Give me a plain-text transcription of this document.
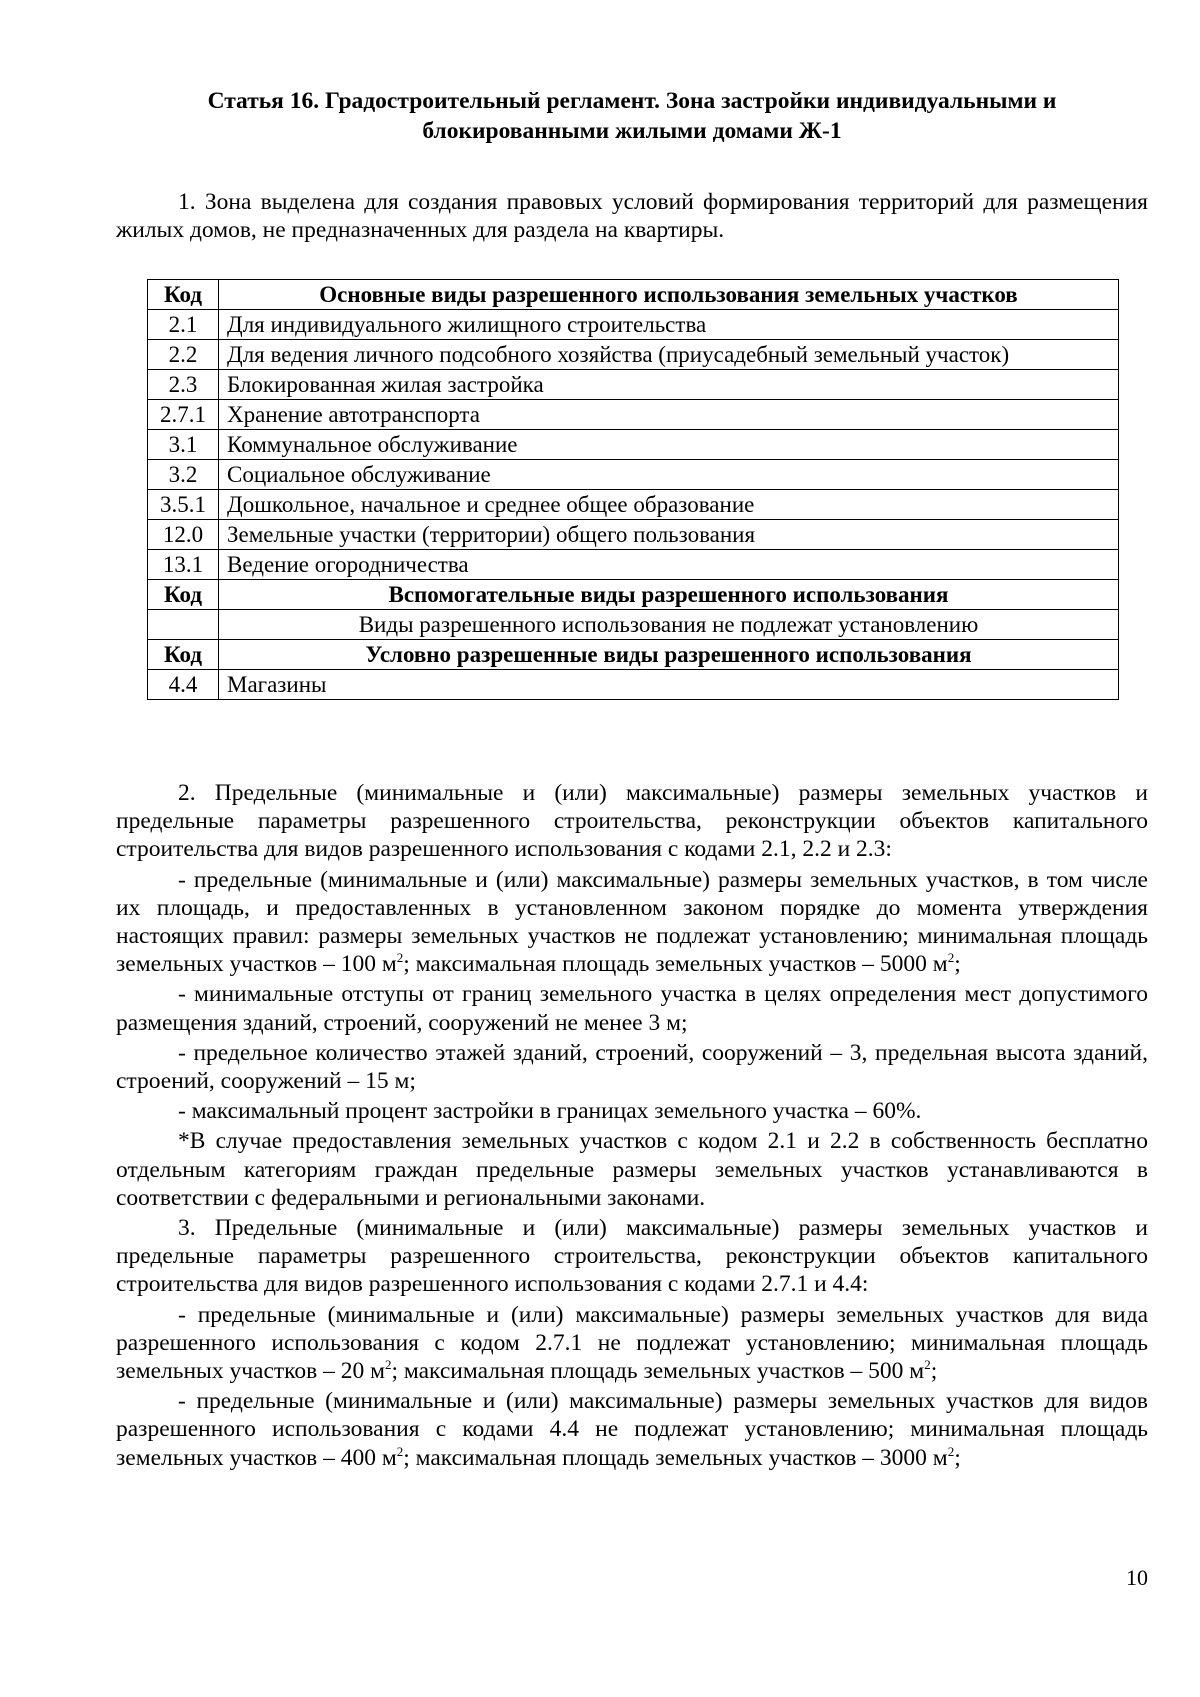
Статья 16. Градостроительный регламент. Зона застройки индивидуальными и
блокированными жилыми домами Ж-1

1. Зона выделена для создания правовых условий формирования территорий для размещения жилых домов, не предназначенных для раздела на квартиры.

Код	Основные виды разрешенного использования земельных участков
2.1	Для индивидуального жилищного строительства
2.2	Для ведения личного подсобного хозяйства (приусадебный земельный участок)
2.3	Блокированная жилая застройка
2.7.1	Хранение автотранспорта
3.1	Коммунальное обслуживание
3.2	Социальное обслуживание
3.5.1	Дошкольное, начальное и среднее общее образование
12.0	Земельные участки (территории) общего пользования
13.1	Ведение огородничества
Код	Вспомогательные виды разрешенного использования
	Виды разрешенного использования не подлежат установлению
Код	Условно разрешенные виды разрешенного использования
4.4	Магазины

2. Предельные (минимальные и (или) максимальные) размеры земельных участков и предельные параметры разрешенного строительства, реконструкции объектов капитального строительства для видов разрешенного использования с кодами 2.1, 2.2 и 2.3:

- предельные (минимальные и (или) максимальные) размеры земельных участков, в том числе их площадь, и предоставленных в установленном законом порядке до момента утверждения настоящих правил: размеры земельных участков не подлежат установлению; минимальная площадь земельных участков – 100 $м^2$; максимальная площадь земельных участков – 5000 $м^2$;

- минимальные отступы от границ земельного участка в целях определения мест допустимого размещения зданий, строений, сооружений не менее 3 м;

- предельное количество этажей зданий, строений, сооружений – 3, предельная высота зданий, строений, сооружений – 15 м;

- максимальный процент застройки в границах земельного участка – 60%.

*В случае предоставления земельных участков с кодом 2.1 и 2.2 в собственность бесплатно отдельным категориям граждан предельные размеры земельных участков устанавливаются в соответствии с федеральными и региональными законами.

3. Предельные (минимальные и (или) максимальные) размеры земельных участков и предельные параметры разрешенного строительства, реконструкции объектов капитального строительства для видов разрешенного использования с кодами 2.7.1 и 4.4:

- предельные (минимальные и (или) максимальные) размеры земельных участков для вида разрешенного использования с кодом 2.7.1 не подлежат установлению; минимальная площадь земельных участков – 20 $м^2$; максимальная площадь земельных участков – 500 $м^2$;

- предельные (минимальные и (или) максимальные) размеры земельных участков для видов разрешенного использования с кодами 4.4 не подлежат установлению; минимальная площадь земельных участков – 400 $м^2$; максимальная площадь земельных участков – 3000 $м^2$;

10
